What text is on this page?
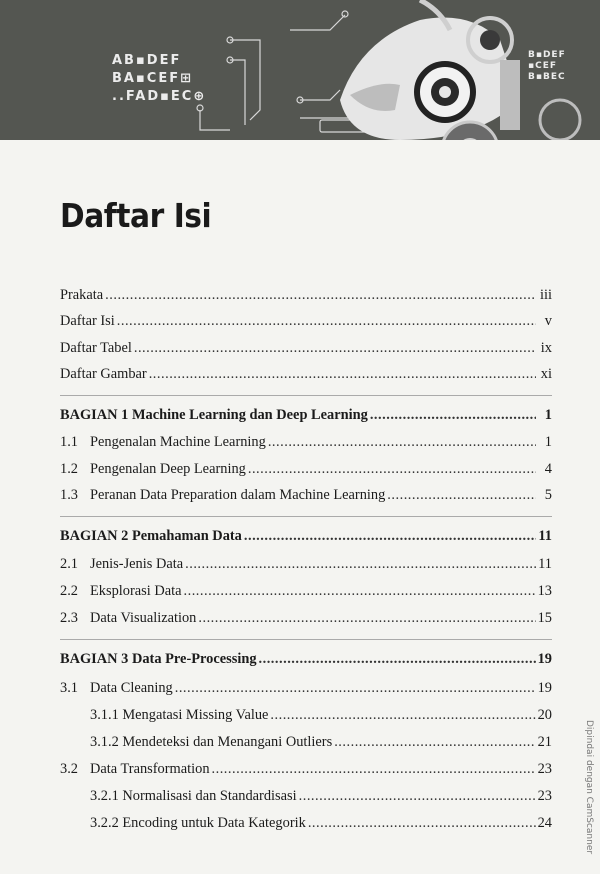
AB▪DEF
BA▪CEF⊞
..FAD▪EC⊕
B▪DEF
▪CEF
B▪BEC
Daftar Isi
Prakata .....	iii
Daftar Isi .....	v
Daftar Tabel .....	ix
Daftar Gambar .....	xi
BAGIAN 1 Machine Learning dan Deep Learning .....	1
1.1 Pengenalan Machine Learning .....	1
1.2 Pengenalan Deep Learning .....	4
1.3 Peranan Data Preparation dalam Machine Learning .....	5
BAGIAN 2 Pemahaman Data .....	11
2.1 Jenis-Jenis Data .....	11
2.2 Eksplorasi Data .....	13
2.3 Data Visualization .....	15
BAGIAN 3 Data Pre-Processing .....	19
3.1 Data Cleaning .....	19
3.1.1 Mengatasi Missing Value .....	20
3.1.2 Mendeteksi dan Menangani Outliers .....	21
3.2 Data Transformation .....	23
3.2.1 Normalisasi dan Standardisasi .....	23
3.2.2 Encoding untuk Data Kategorik .....	24	Dipindai dengan CamScanner
